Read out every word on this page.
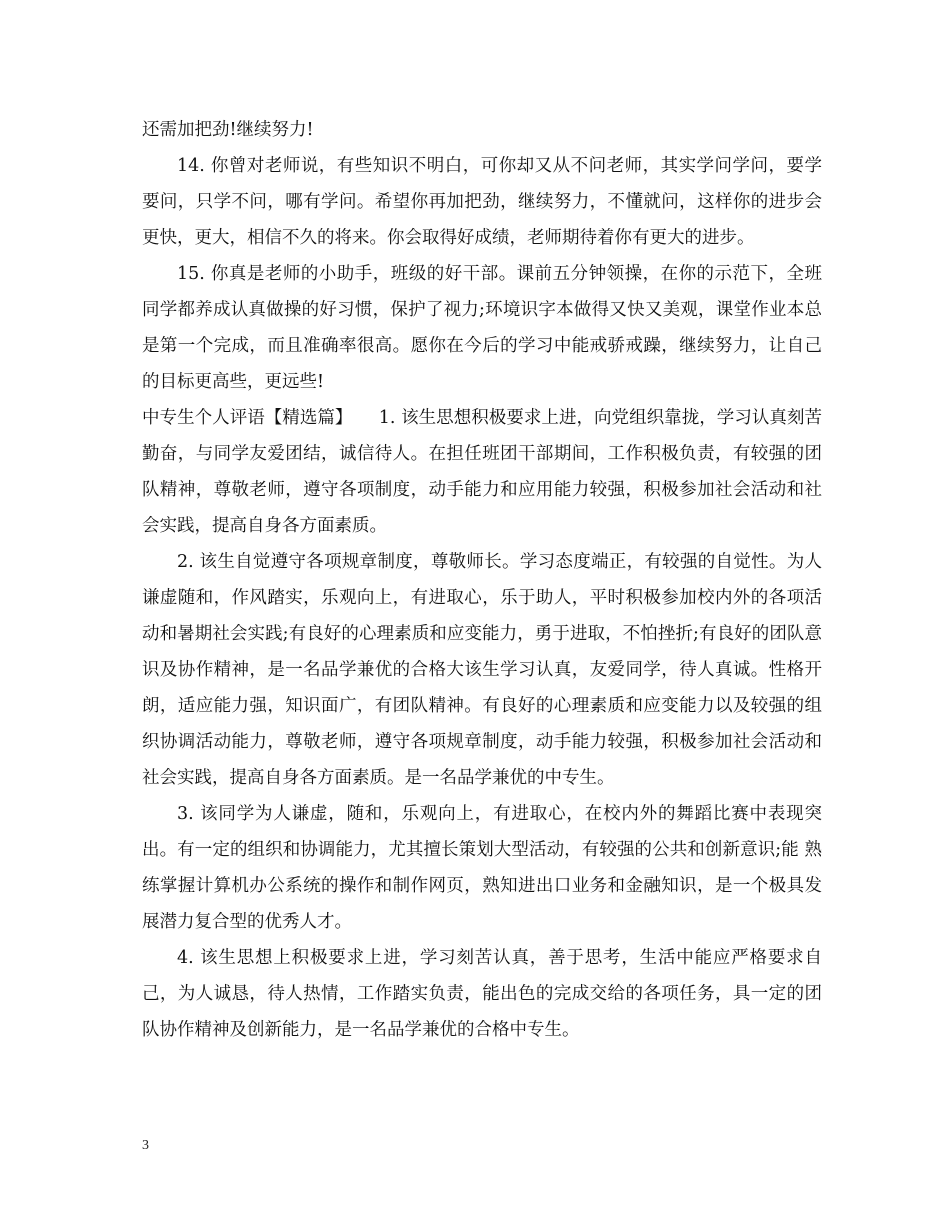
还需加把劲!继续努力!

14. 你曾对老师说，有些知识不明白，可你却又从不问老师，其实学问学问，要学要问，只学不问，哪有学问。希望你再加把劲，继续努力，不懂就问，这样你的进步会更快，更大，相信不久的将来。你会取得好成绩，老师期待着你有更大的进步。

15. 你真是老师的小助手，班级的好干部。课前五分钟领操，在你的示范下，全班同学都养成认真做操的好习惯，保护了视力;环境识字本做得又快又美观，课堂作业本总是第一个完成，而且准确率很高。愿你在今后的学习中能戒骄戒躁，继续努力，让自己的目标更高些，更远些!

中专生个人评语【精选篇】　　1. 该生思想积极要求上进，向党组织靠拢，学习认真刻苦勤奋，与同学友爱团结，诚信待人。在担任班团干部期间，工作积极负责，有较强的团队精神，尊敬老师，遵守各项制度，动手能力和应用能力较强，积极参加社会活动和社会实践，提高自身各方面素质。

2. 该生自觉遵守各项规章制度，尊敬师长。学习态度端正，有较强的自觉性。为人谦虚随和，作风踏实，乐观向上，有进取心，乐于助人，平时积极参加校内外的各项活动和暑期社会实践;有良好的心理素质和应变能力，勇于进取，不怕挫折;有良好的团队意识及协作精神，是一名品学兼优的合格大该生学习认真，友爱同学，待人真诚。性格开朗，适应能力强，知识面广，有团队精神。有良好的心理素质和应变能力以及较强的组织协调活动能力，尊敬老师，遵守各项规章制度，动手能力较强，积极参加社会活动和社会实践，提高自身各方面素质。是一名品学兼优的中专生。

3. 该同学为人谦虚，随和，乐观向上，有进取心，在校内外的舞蹈比赛中表现突出。有一定的组织和协调能力，尤其擅长策划大型活动，有较强的公共和创新意识;能 熟练掌握计算机办公系统的操作和制作网页，熟知进出口业务和金融知识，是一个极具发展潜力复合型的优秀人才。

4. 该生思想上积极要求上进，学习刻苦认真，善于思考，生活中能应严格要求自己，为人诚恳，待人热情，工作踏实负责，能出色的完成交给的各项任务，具一定的团队协作精神及创新能力，是一名品学兼优的合格中专生。

3
